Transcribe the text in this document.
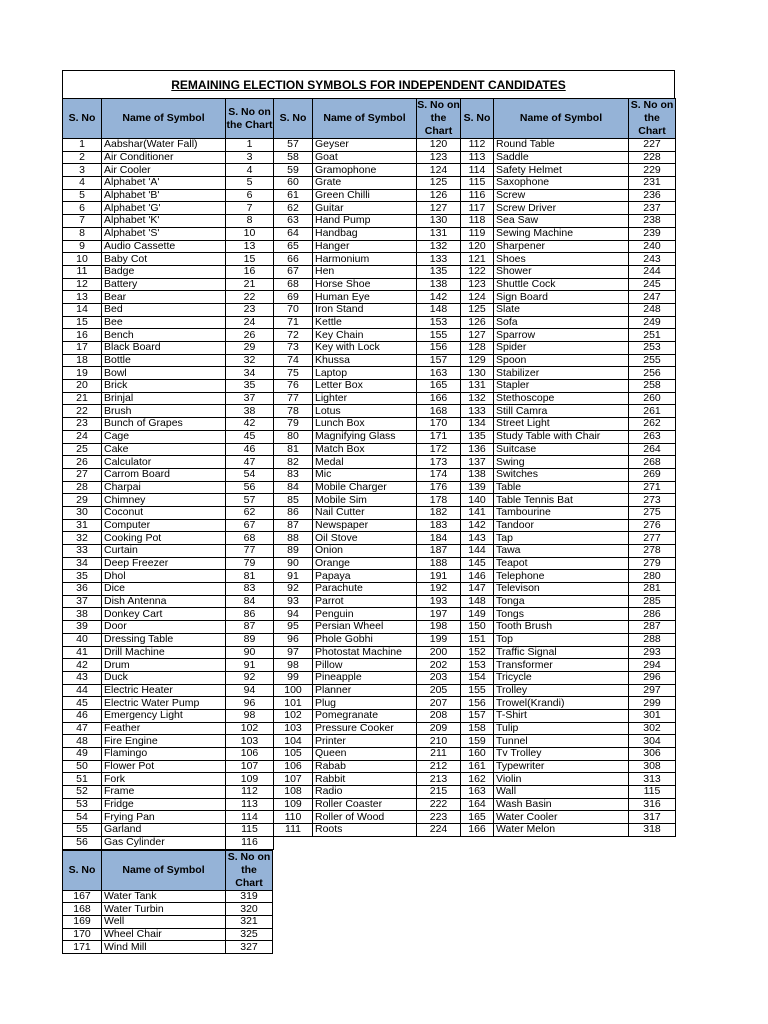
REMAINING ELECTION SYMBOLS FOR INDEPENDENT CANDIDATES
S. No	Name of Symbol	S. No on the Chart	S. No	Name of Symbol	S. No on the Chart	S. No	Name of Symbol	S. No on the Chart
1	Aabshar(Water Fall)	1	57	Geyser	120	112	Round Table	227
2	Air Conditioner	3	58	Goat	123	113	Saddle	228
3	Air Cooler	4	59	Gramophone	124	114	Safety Helmet	229
4	Alphabet 'A'	5	60	Grate	125	115	Saxophone	231
5	Alphabet 'B'	6	61	Green Chilli	126	116	Screw	236
6	Alphabet 'G'	7	62	Guitar	127	117	Screw Driver	237
7	Alphabet 'K'	8	63	Hand Pump	130	118	Sea Saw	238
8	Alphabet 'S'	10	64	Handbag	131	119	Sewing Machine	239
9	Audio Cassette	13	65	Hanger	132	120	Sharpener	240
10	Baby Cot	15	66	Harmonium	133	121	Shoes	243
11	Badge	16	67	Hen	135	122	Shower	244
12	Battery	21	68	Horse Shoe	138	123	Shuttle Cock	245
13	Bear	22	69	Human Eye	142	124	Sign Board	247
14	Bed	23	70	Iron Stand	148	125	Slate	248
15	Bee	24	71	Kettle	153	126	Sofa	249
16	Bench	26	72	Key Chain	155	127	Sparrow	251
17	Black Board	29	73	Key with Lock	156	128	Spider	253
18	Bottle	32	74	Khussa	157	129	Spoon	255
19	Bowl	34	75	Laptop	163	130	Stabilizer	256
20	Brick	35	76	Letter Box	165	131	Stapler	258
21	Brinjal	37	77	Lighter	166	132	Stethoscope	260
22	Brush	38	78	Lotus	168	133	Still Camra	261
23	Bunch of Grapes	42	79	Lunch Box	170	134	Street Light	262
24	Cage	45	80	Magnifying Glass	171	135	Study Table with Chair	263
25	Cake	46	81	Match Box	172	136	Suitcase	264
26	Calculator	47	82	Medal	173	137	Swing	268
27	Carrom Board	54	83	Mic	174	138	Switches	269
28	Charpai	56	84	Mobile Charger	176	139	Table	271
29	Chimney	57	85	Mobile Sim	178	140	Table Tennis Bat	273
30	Coconut	62	86	Nail Cutter	182	141	Tambourine	275
31	Computer	67	87	Newspaper	183	142	Tandoor	276
32	Cooking Pot	68	88	Oil Stove	184	143	Tap	277
33	Curtain	77	89	Onion	187	144	Tawa	278
34	Deep Freezer	79	90	Orange	188	145	Teapot	279
35	Dhol	81	91	Papaya	191	146	Telephone	280
36	Dice	83	92	Parachute	192	147	Televison	281
37	Dish Antenna	84	93	Parrot	193	148	Tonga	285
38	Donkey Cart	86	94	Penguin	197	149	Tongs	286
39	Door	87	95	Persian Wheel	198	150	Tooth Brush	287
40	Dressing Table	89	96	Phole Gobhi	199	151	Top	288
41	Drill Machine	90	97	Photostat Machine	200	152	Traffic Signal	293
42	Drum	91	98	Pillow	202	153	Transformer	294
43	Duck	92	99	Pineapple	203	154	Tricycle	296
44	Electric Heater	94	100	Planner	205	155	Trolley	297
45	Electric Water Pump	96	101	Plug	207	156	Trowel(Krandi)	299
46	Emergency Light	98	102	Pomegranate	208	157	T-Shirt	301
47	Feather	102	103	Pressure Cooker	209	158	Tulip	302
48	Fire Engine	103	104	Printer	210	159	Tunnel	304
49	Flamingo	106	105	Queen	211	160	Tv Trolley	306
50	Flower Pot	107	106	Rabab	212	161	Typewriter	308
51	Fork	109	107	Rabbit	213	162	Violin	313
52	Frame	112	108	Radio	215	163	Wall	115
53	Fridge	113	109	Roller Coaster	222	164	Wash Basin	316
54	Frying Pan	114	110	Roller of Wood	223	165	Water Cooler	317
55	Garland	115	111	Roots	224	166	Water Melon	318
56	Gas Cylinder	116						
S. No	Name of Symbol	S. No on the Chart
167	Water Tank	319
168	Water Turbin	320
169	Well	321
170	Wheel Chair	325
171	Wind Mill	327
